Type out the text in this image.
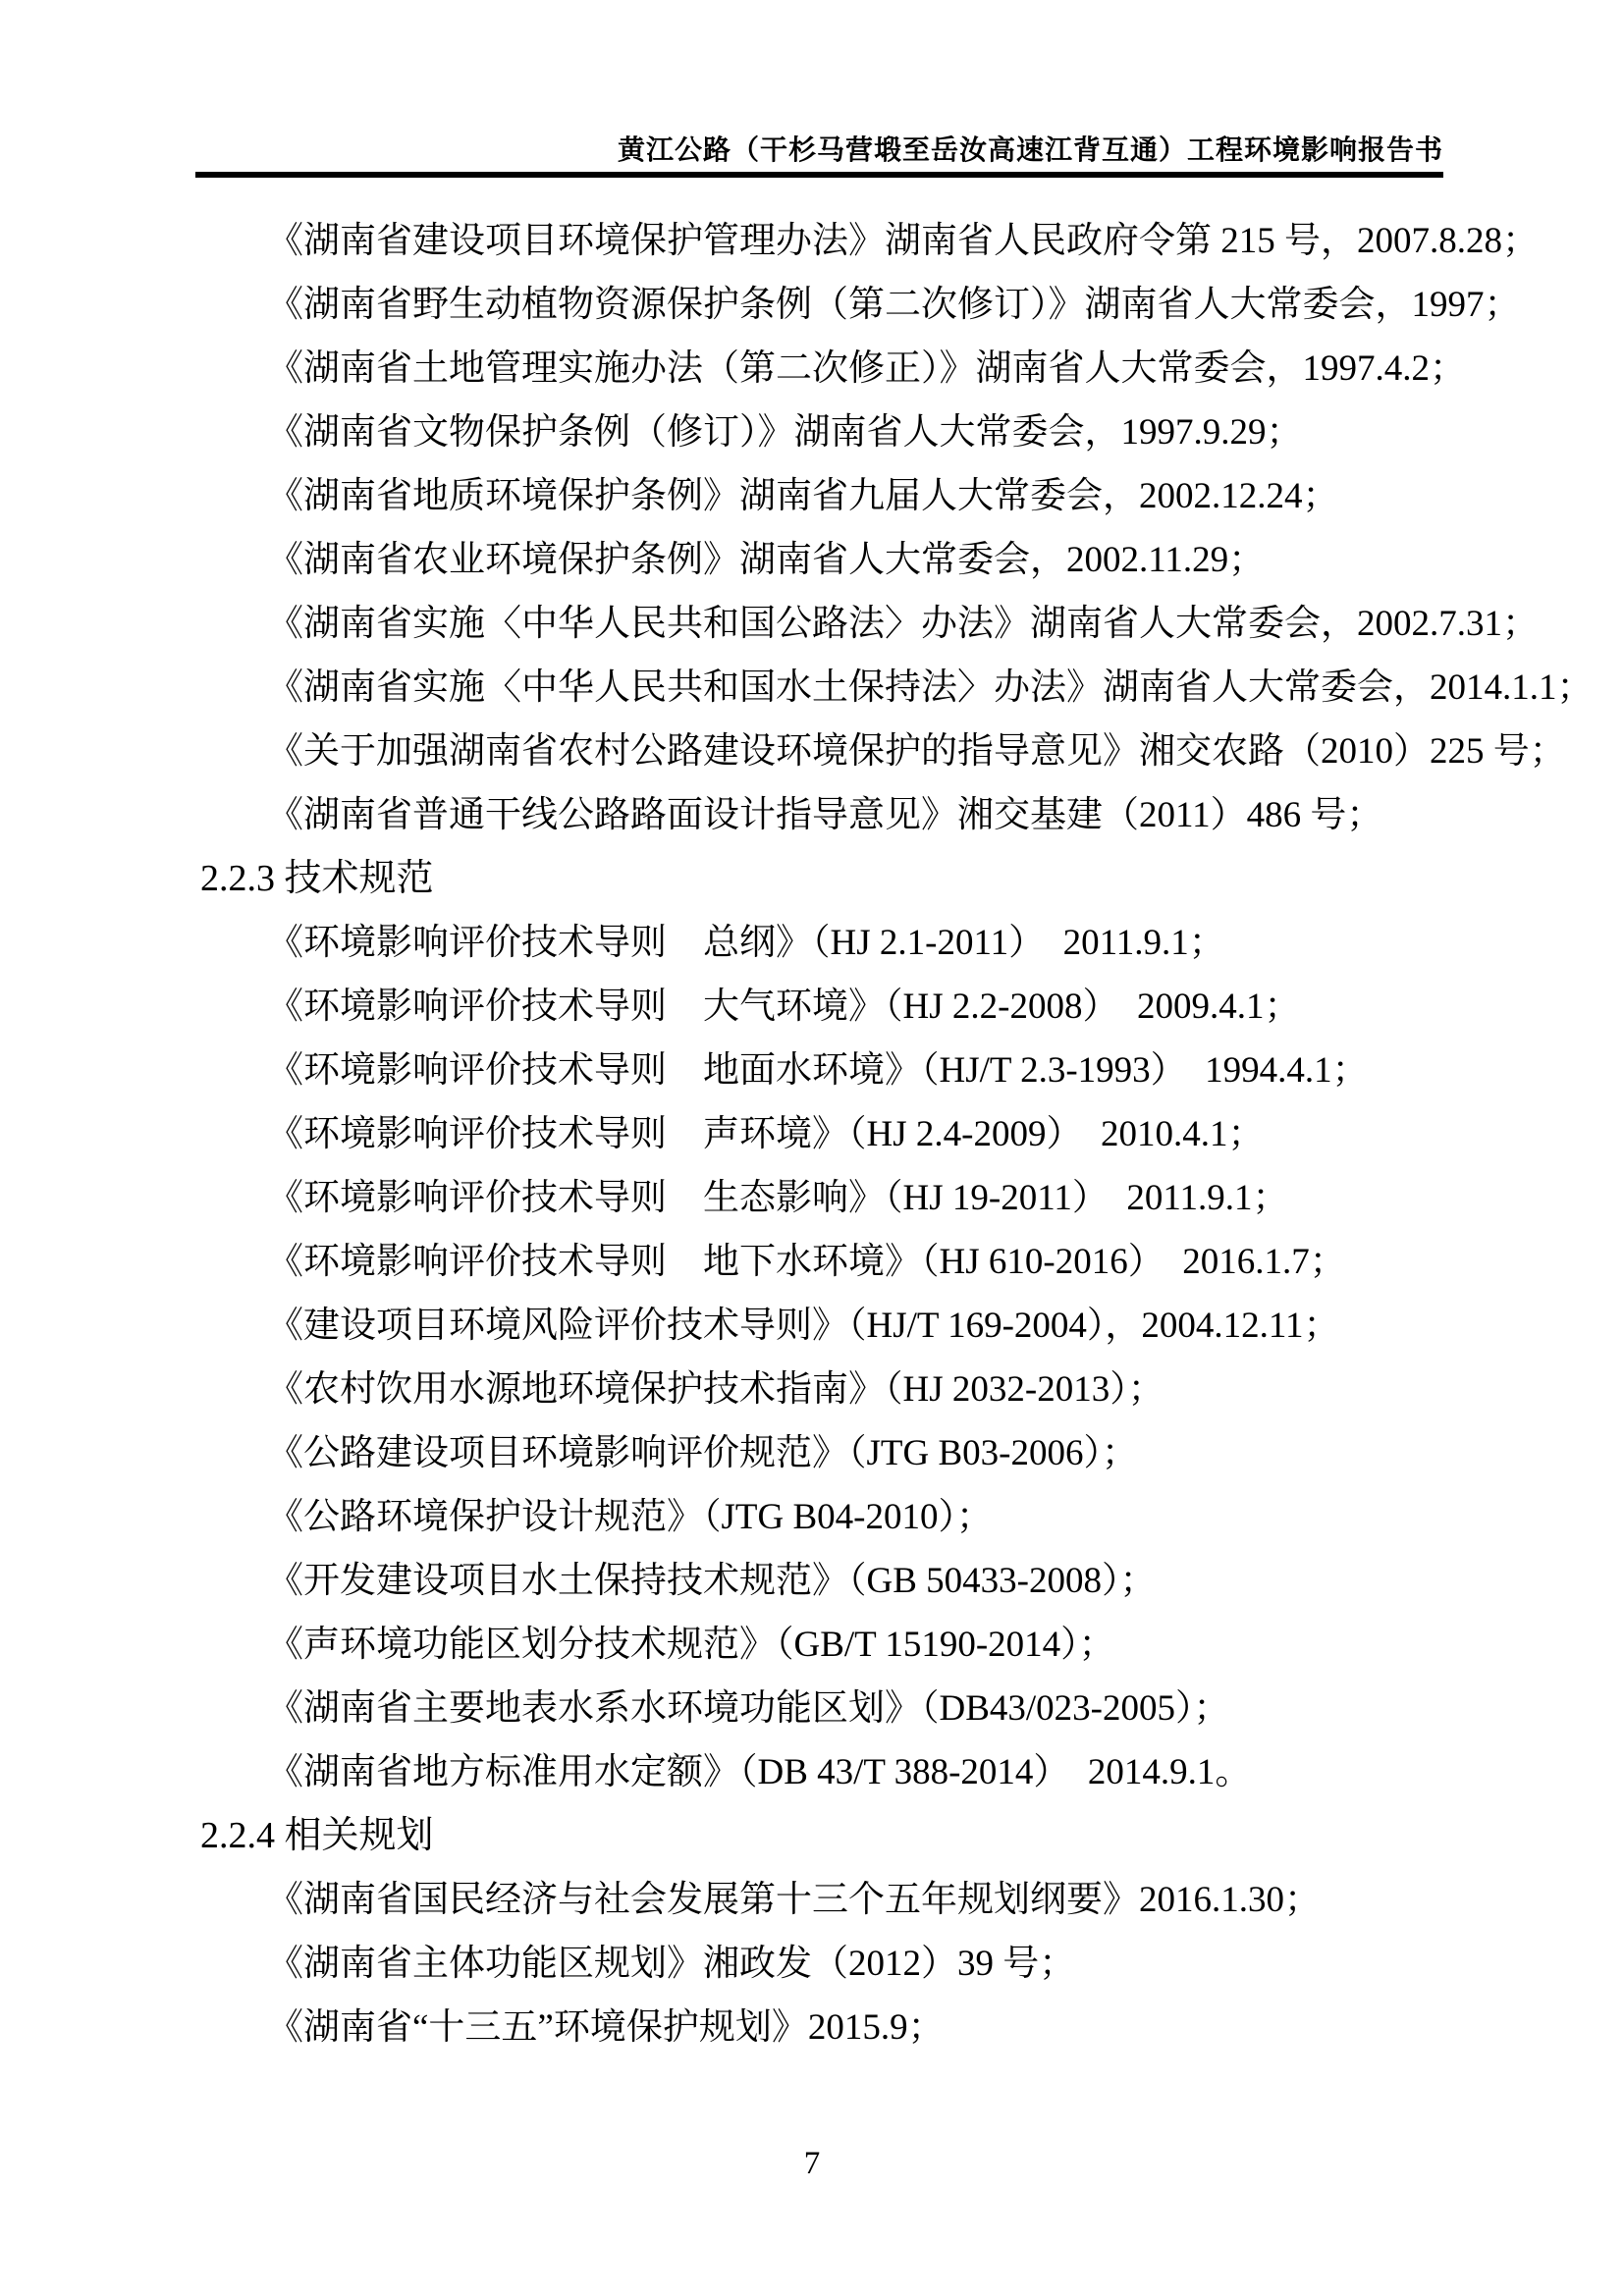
黄江公路（干杉马营塅至岳汝高速江背互通）工程环境影响报告书
《湖南省建设项目环境保护管理办法》湖南省人民政府令第 215 号，2007.8.28；
《湖南省野生动植物资源保护条例（第二次修订）》湖南省人大常委会，1997；
《湖南省土地管理实施办法（第二次修正）》湖南省人大常委会，1997.4.2；
《湖南省文物保护条例（修订）》湖南省人大常委会，1997.9.29；
《湖南省地质环境保护条例》湖南省九届人大常委会，2002.12.24；
《湖南省农业环境保护条例》湖南省人大常委会，2002.11.29；
《湖南省实施〈中华人民共和国公路法〉办法》湖南省人大常委会，2002.7.31；
《湖南省实施〈中华人民共和国水土保持法〉办法》湖南省人大常委会，2014.1.1；
《关于加强湖南省农村公路建设环境保护的指导意见》湘交农路（2010）225 号；
《湖南省普通干线公路路面设计指导意见》湘交基建（2011）486 号；
2.2.3 技术规范
《环境影响评价技术导则　总纲》（HJ 2.1-2011）　2011.9.1；
《环境影响评价技术导则　大气环境》（HJ 2.2-2008）　2009.4.1；
《环境影响评价技术导则　地面水环境》（HJ/T 2.3-1993）　1994.4.1；
《环境影响评价技术导则　声环境》（HJ 2.4-2009）　2010.4.1；
《环境影响评价技术导则　生态影响》（HJ 19-2011）　2011.9.1；
《环境影响评价技术导则　地下水环境》（HJ 610-2016）　2016.1.7；
《建设项目环境风险评价技术导则》（HJ/T 169-2004），2004.12.11；
《农村饮用水源地环境保护技术指南》（HJ 2032-2013）；
《公路建设项目环境影响评价规范》（JTG B03-2006）；
《公路环境保护设计规范》（JTG B04-2010）；
《开发建设项目水土保持技术规范》（GB 50433-2008）；
《声环境功能区划分技术规范》（GB/T 15190-2014）；
《湖南省主要地表水系水环境功能区划》（DB43/023-2005）；
《湖南省地方标准用水定额》（DB 43/T 388-2014）　2014.9.1。
2.2.4 相关规划
《湖南省国民经济与社会发展第十三个五年规划纲要》2016.1.30；
《湖南省主体功能区规划》湘政发（2012）39 号；
《湖南省“十三五”环境保护规划》2015.9；
7
